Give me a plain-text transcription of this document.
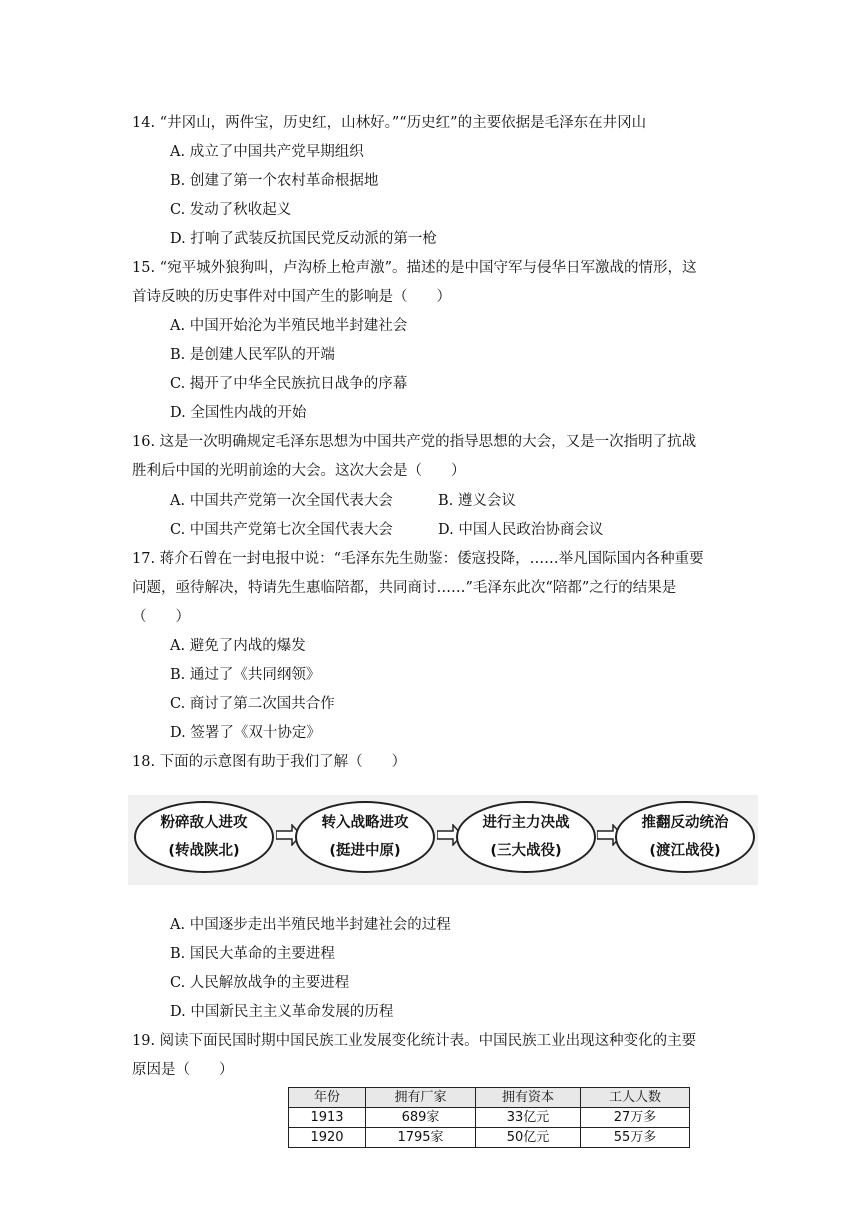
14. “井冈山，两件宝，历史红，山林好。”“历史红”的主要依据是毛泽东在井冈山
A. 成立了中国共产党早期组织
B. 创建了第一个农村革命根据地
C. 发动了秋收起义
D. 打响了武装反抗国民党反动派的第一枪
15. “宛平城外狼狗叫，卢沟桥上枪声激”。描述的是中国守军与侵华日军激战的情形，这
首诗反映的历史事件对中国产生的影响是（　　）
A. 中国开始沦为半殖民地半封建社会
B. 是创建人民军队的开端
C. 揭开了中华全民族抗日战争的序幕
D. 全国性内战的开始
16. 这是一次明确规定毛泽东思想为中国共产党的指导思想的大会，又是一次指明了抗战
胜利后中国的光明前途的大会。这次大会是（　　）
A. 中国共产党第一次全国代表大会	B. 遵义会议
C. 中国共产党第七次全国代表大会	D. 中国人民政治协商会议
17. 蒋介石曾在一封电报中说：“毛泽东先生勋鉴：倭寇投降，……举凡国际国内各种重要
问题，亟待解决，特请先生惠临陪都，共同商讨……”毛泽东此次“陪都”之行的结果是
（　　）
A. 避免了内战的爆发
B. 通过了《共同纲领》
C. 商讨了第二次国共合作
D. 签署了《双十协定》
18. 下面的示意图有助于我们了解（　　）
粉碎敌人进攻
(转战陕北)
转入战略进攻
(挺进中原)
进行主力决战
(三大战役)
推翻反动统治
(渡江战役)
A. 中国逐步走出半殖民地半封建社会的过程
B. 国民大革命的主要进程
C. 人民解放战争的主要进程
D. 中国新民主主义革命发展的历程
19. 阅读下面民国时期中国民族工业发展变化统计表。中国民族工业出现这种变化的主要
原因是（　　）
年份	拥有厂家	拥有资本	工人人数
1913	689家	33亿元	27万多
1920	1795家	50亿元	55万多
